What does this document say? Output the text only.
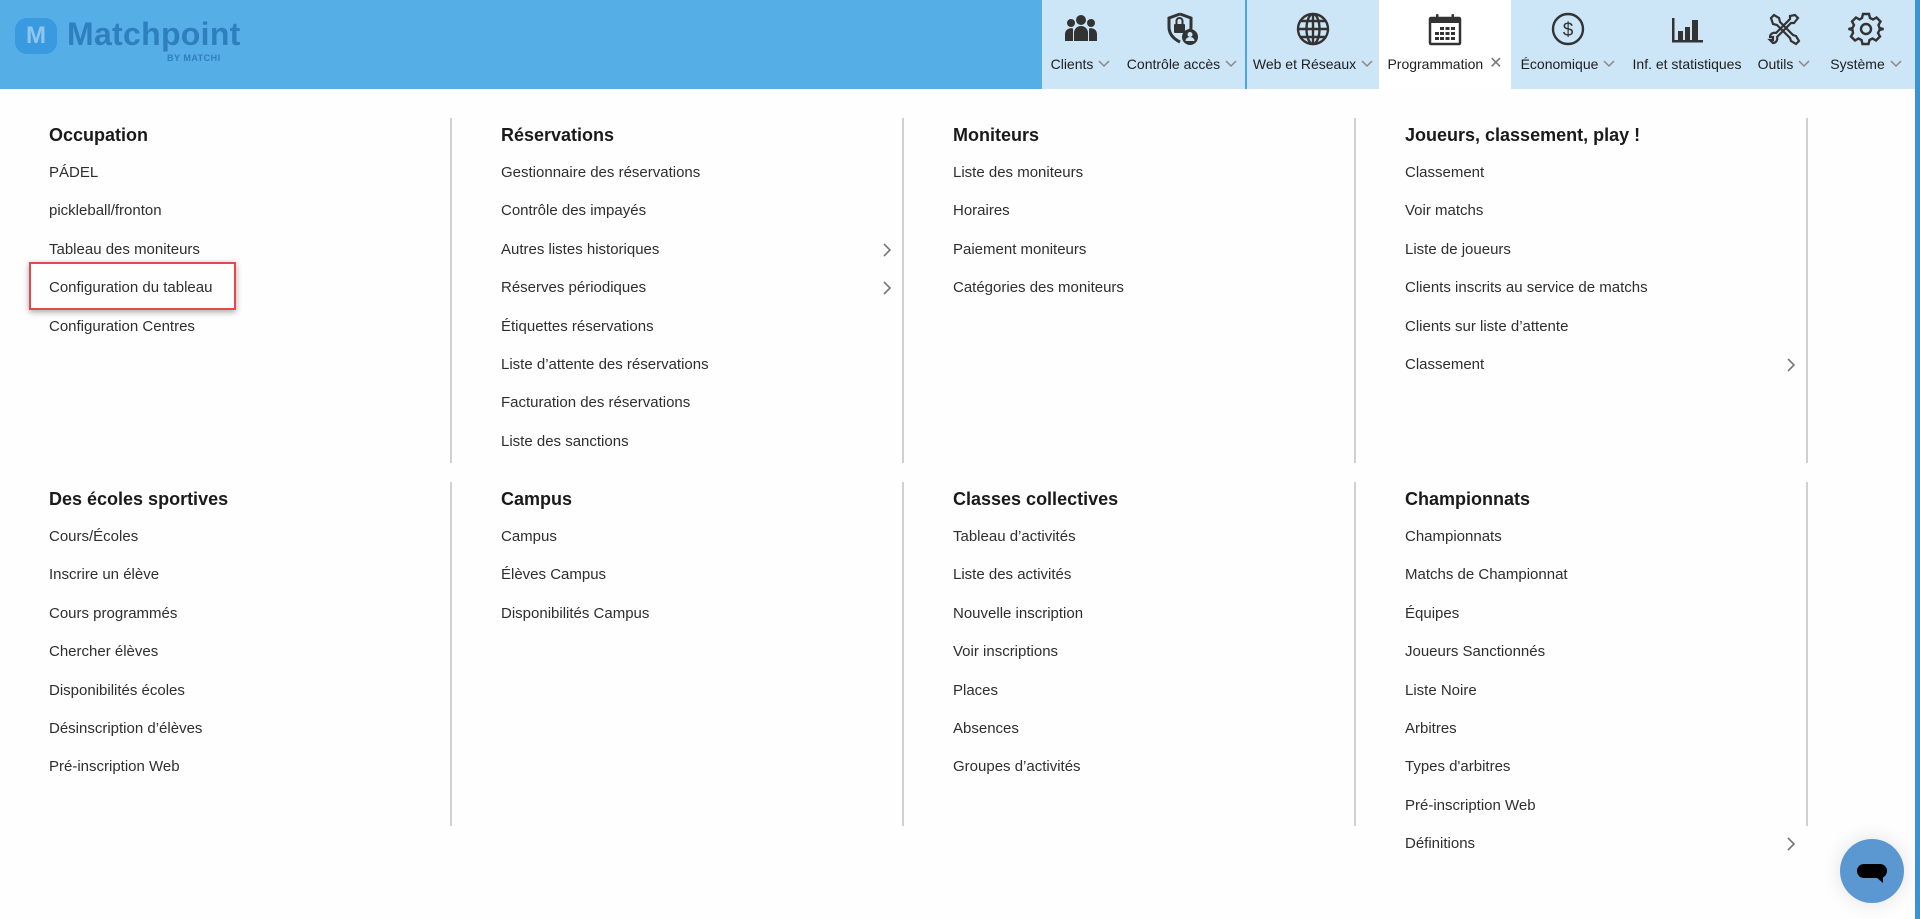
M Matchpoint
BY MATCHI	Clients Contrôle accès Web et Réseaux Programmation ✕
$
Économique Inf. et statistiques Outils	Système
Occupation
PÁDEL
pickleball/fronton
Tableau des moniteurs
Configuration du tableau
Configuration Centres
Réservations
Gestionnaire des réservations
Contrôle des impayés
Autres listes historiques
Réserves périodiques
Étiquettes réservations
Liste d’attente des réservations
Facturation des réservations
Liste des sanctions
Moniteurs
Liste des moniteurs
Horaires
Paiement moniteurs
Catégories des moniteurs
Joueurs, classement, play !
Classement
Voir matchs
Liste de joueurs
Clients inscrits au service de matchs
Clients sur liste d’attente
Classement
Des écoles sportives
Cours/Écoles
Inscrire un élève
Cours programmés
Chercher élèves
Disponibilités écoles
Désinscription d’élèves
Pré-inscription Web
Campus
Campus
Élèves Campus
Disponibilités Campus
Classes collectives
Tableau d’activités
Liste des activités
Nouvelle inscription
Voir inscriptions
Places
Absences
Groupes d’activités
Championnats
Championnats
Matchs de Championnat
Équipes
Joueurs Sanctionnés
Liste Noire
Arbitres
Types d'arbitres
Pré-inscription Web
Définitions
